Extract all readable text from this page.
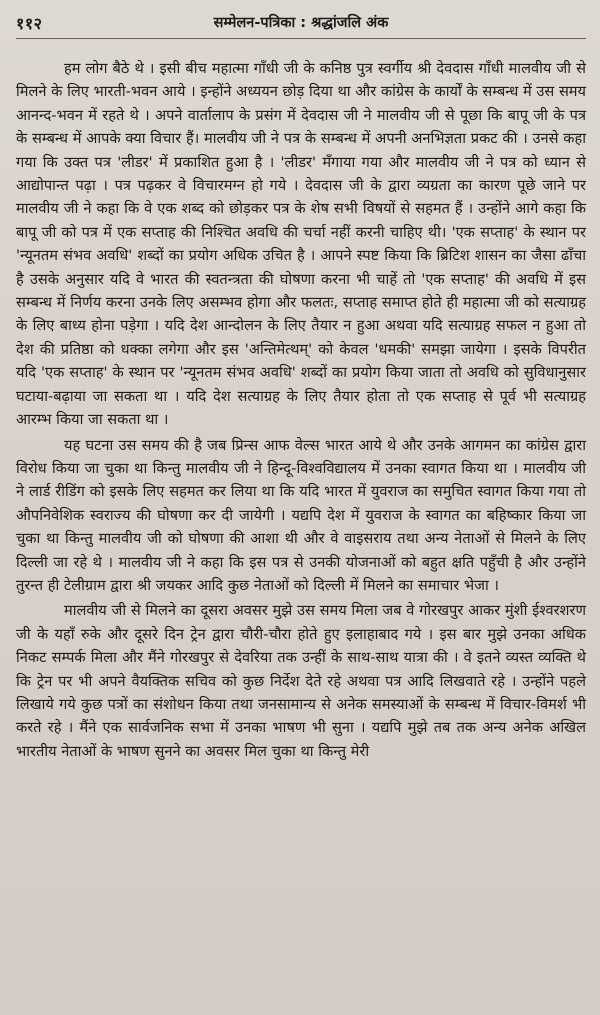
११२	सम्मेलन-पत्रिका : श्रद्धांजलि अंक

हम लोग बैठे थे । इसी बीच महात्मा गाँधी जी के कनिष्ठ पुत्र स्वर्गीय श्री देवदास गाँधी मालवीय जी से मिलने के लिए भारती-भवन आये । इन्होंने अध्ययन छोड़ दिया था और कांग्रेस के कार्यों के सम्बन्ध में उस समय आनन्द-भवन में रहते थे । अपने वार्तालाप के प्रसंग में देवदास जी ने मालवीय जी से पूछा कि बापू जी के पत्र के सम्बन्ध में आपके क्या विचार हैं। मालवीय जी ने पत्र के सम्बन्ध में अपनी अनभिज्ञता प्रकट की । उनसे कहा गया कि उक्त पत्र 'लीडर' में प्रकाशित हुआ है । 'लीडर' मँगाया गया और मालवीय जी ने पत्र को ध्यान से आद्योपान्त पढ़ा । पत्र पढ़कर वे विचारमग्न हो गये । देवदास जी के द्वारा व्यग्रता का कारण पूछे जाने पर मालवीय जी ने कहा कि वे एक शब्द को छोड़कर पत्र के शेष सभी विषयों से सहमत हैं । उन्होंने आगे कहा कि बापू जी को पत्र में एक सप्ताह की निश्चित अवधि की चर्चा नहीं करनी चाहिए थी। 'एक सप्ताह' के स्थान पर 'न्यूनतम संभव अवधि' शब्दों का प्रयोग अधिक उचित है । आपने स्पष्ट किया कि ब्रिटिश शासन का जैसा ढाँचा है उसके अनुसार यदि वे भारत की स्वतन्त्रता की घोषणा करना भी चाहें तो 'एक सप्ताह' की अवधि में इस सम्बन्ध में निर्णय करना उनके लिए असम्भव होगा और फलतः, सप्ताह समाप्त होते ही महात्मा जी को सत्याग्रह के लिए बाध्य होना पड़ेगा । यदि देश आन्दोलन के लिए तैयार न हुआ अथवा यदि सत्याग्रह सफल न हुआ तो देश की प्रतिष्ठा को धक्का लगेगा और इस 'अन्तिमेत्थम्' को केवल 'धमकी' समझा जायेगा । इसके विपरीत यदि 'एक सप्ताह' के स्थान पर 'न्यूनतम संभव अवधि' शब्दों का प्रयोग किया जाता तो अवधि को सुविधानुसार घटाया-बढ़ाया जा सकता था । यदि देश सत्याग्रह के लिए तैयार होता तो एक सप्ताह से पूर्व भी सत्याग्रह आरम्भ किया जा सकता था ।

यह घटना उस समय की है जब प्रिन्स आफ वेल्स भारत आये थे और उनके आगमन का कांग्रेस द्वारा विरोध किया जा चुका था किन्तु मालवीय जी ने हिन्दू-विश्वविद्यालय में उनका स्वागत किया था । मालवीय जी ने लार्ड रीडिंग को इसके लिए सहमत कर लिया था कि यदि भारत में युवराज का समुचित स्वागत किया गया तो औपनिवेशिक स्वराज्य की घोषणा कर दी जायेगी । यद्यपि देश में युवराज के स्वागत का बहिष्कार किया जा चुका था किन्तु मालवीय जी को घोषणा की आशा थी और वे वाइसराय तथा अन्य नेताओं से मिलने के लिए दिल्ली जा रहे थे । मालवीय जी ने कहा कि इस पत्र से उनकी योजनाओं को बहुत क्षति पहुँची है और उन्होंने तुरन्त ही टेलीग्राम द्वारा श्री जयकर आदि कुछ नेताओं को दिल्ली में मिलने का समाचार भेजा ।

मालवीय जी से मिलने का दूसरा अवसर मुझे उस समय मिला जब वे गोरखपुर आकर मुंशी ईश्वरशरण जी के यहाँ रुके और दूसरे दिन ट्रेन द्वारा चौरी-चौरा होते हुए इलाहाबाद गये । इस बार मुझे उनका अधिक निकट सम्पर्क मिला और मैंने गोरखपुर से देवरिया तक उन्हीं के साथ-साथ यात्रा की । वे इतने व्यस्त व्यक्ति थे कि ट्रेन पर भी अपने वैयक्तिक सचिव को कुछ निर्देश देते रहे अथवा पत्र आदि लिखवाते रहे । उन्होंने पहले लिखाये गये कुछ पत्रों का संशोधन किया तथा जनसामान्य से अनेक समस्याओं के सम्बन्ध में विचार-विमर्श भी करते रहे । मैंने एक सार्वजनिक सभा में उनका भाषण भी सुना । यद्यपि मुझे तब तक अन्य अनेक अखिल भारतीय नेताओं के भाषण सुनने का अवसर मिल चुका था किन्तु मेरी
